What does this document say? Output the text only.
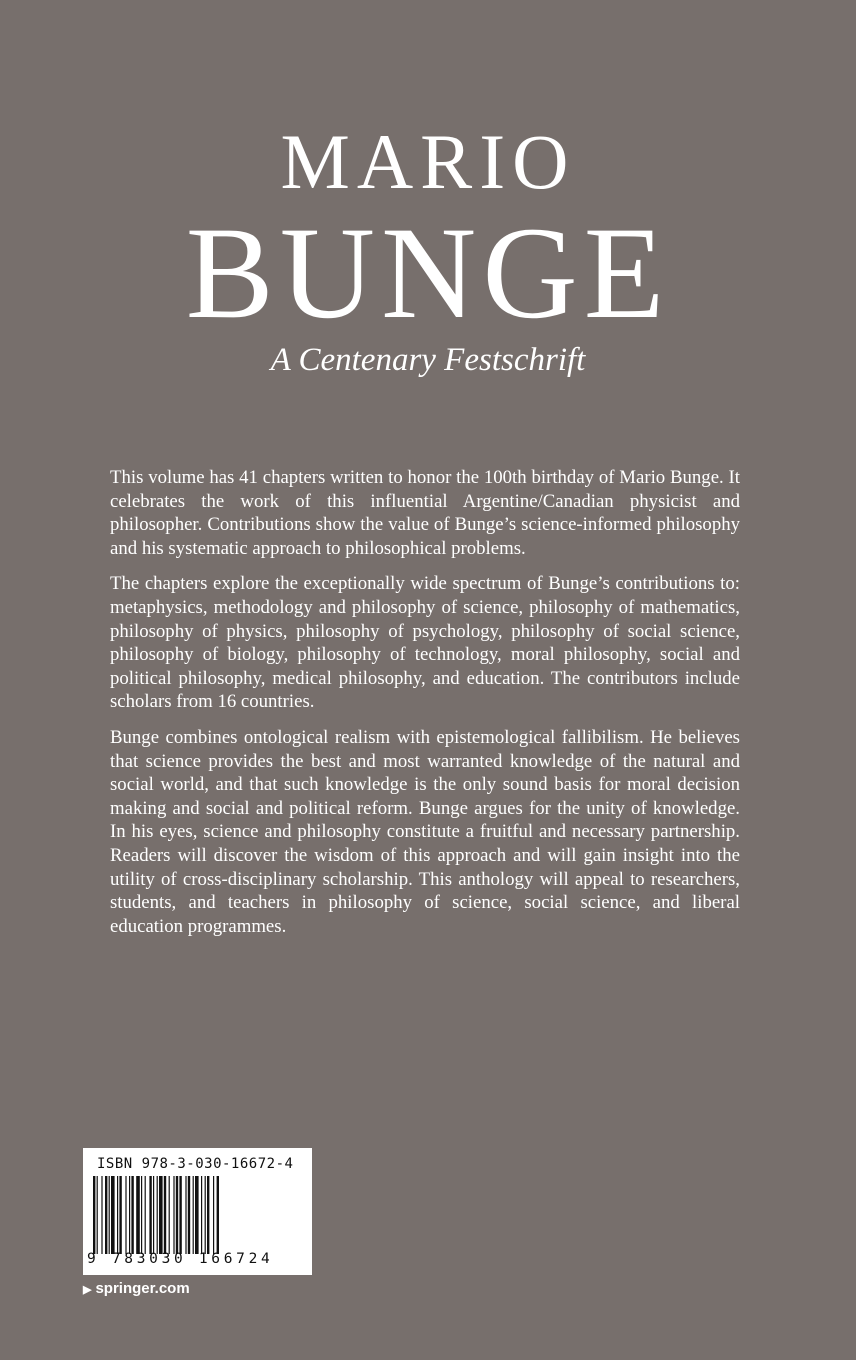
MARIO
BUNGE
A Centenary Festschrift

This volume has 41 chapters written to honor the 100th birthday of Mario Bunge. It celebrates the work of this influential Argentine/Canadian physicist and philosopher. Contributions show the value of Bunge’s science-informed philosophy and his systematic approach to philosophical problems.

The chapters explore the exceptionally wide spectrum of Bunge’s contributions to: metaphysics, methodology and philosophy of science, philosophy of mathematics, philosophy of physics, philosophy of psychology, philosophy of social science, philosophy of biology, philosophy of technology, moral philosophy, social and political philosophy, medical philosophy, and education. The contributors include scholars from 16 countries.

Bunge combines ontological realism with epistemological fallibilism. He believes that science provides the best and most warranted knowledge of the natural and social world, and that such knowledge is the only sound basis for moral decision making and social and political reform. Bunge argues for the unity of knowledge. In his eyes, science and philosophy constitute a fruitful and necessary partnership. Readers will discover the wisdom of this approach and will gain insight into the utility of cross-disciplinary scholarship. This anthology will appeal to researchers, students, and teachers in philosophy of science, social science, and liberal education programmes.

ISBN 978-3-030-16672-4
9 783030 166724
▶ springer.com
